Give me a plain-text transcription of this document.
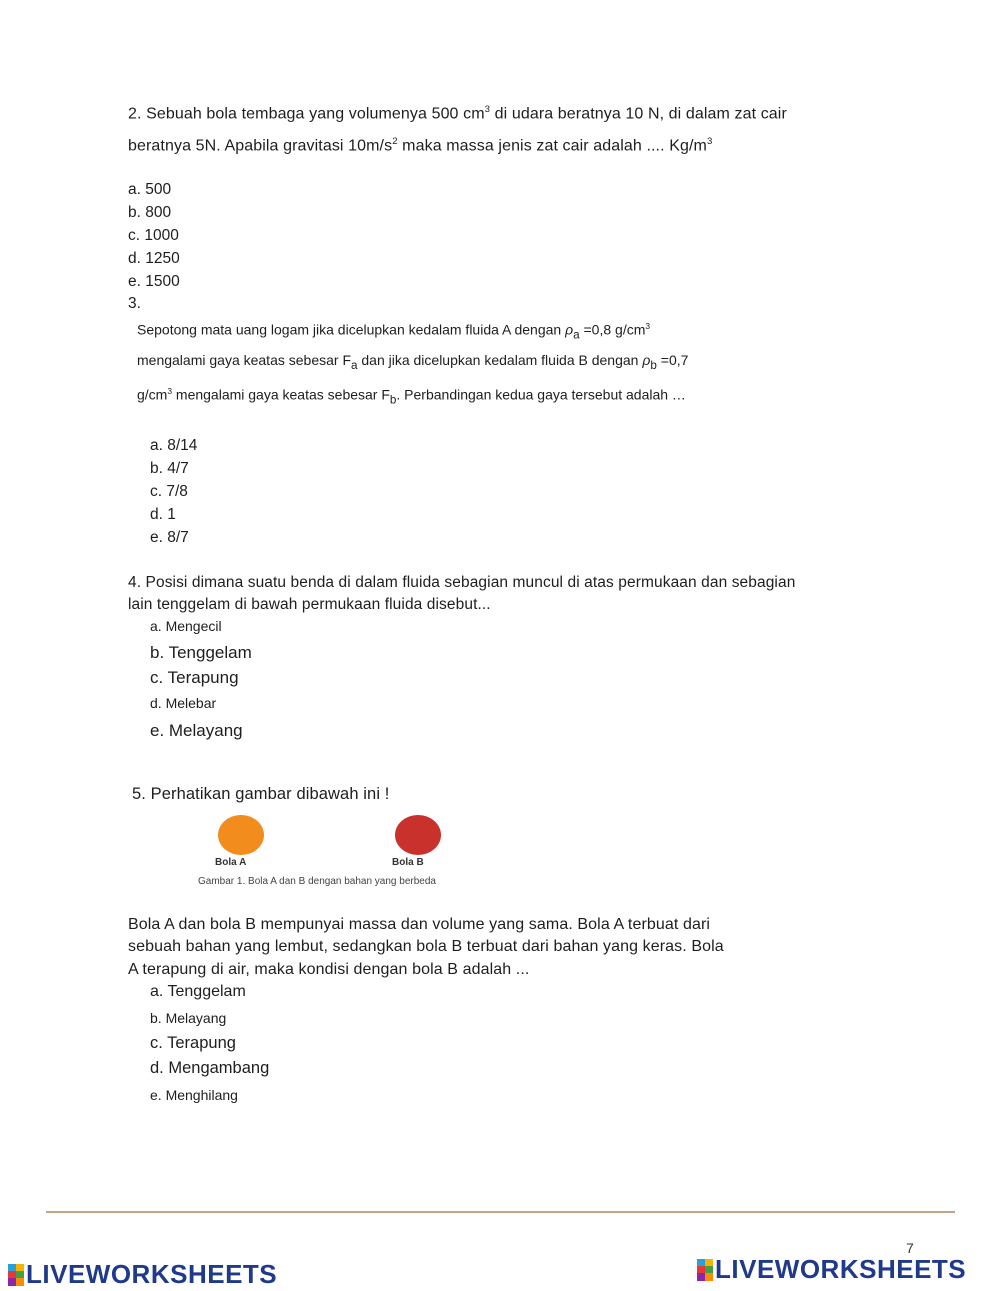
2. Sebuah bola tembaga yang volumenya 500 $cm^3$ di udara beratnya 10 N, di dalam zat cair
beratnya 5N. Apabila gravitasi $10m/s^2$ maka massa jenis zat cair adalah .... $Kg/m^3$
a. 500
b. 800
c. 1000
d. 1250
e. 1500
3.
Sepotong mata uang logam jika dicelupkan kedalam fluida A dengan $\rho_a =0,8$ $g/cm^3$
mengalami gaya keatas sebesar $F_a$ dan jika dicelupkan kedalam fluida B dengan $\rho_b =0,7$
$g/cm^3$ mengalami gaya keatas sebesar $F_b$. Perbandingan kedua gaya tersebut adalah …
a. 8/14
b. 4/7
c. 7/8
d. 1
e. 8/7
4. Posisi dimana suatu benda di dalam fluida sebagian muncul di atas permukaan dan sebagian
lain tenggelam di bawah permukaan fluida disebut...
a. Mengecil
b. Tenggelam
c. Terapung
d. Melebar
e. Melayang
5. Perhatikan gambar dibawah ini !
Bola A	Bola B
Gambar 1. Bola A dan B dengan bahan yang berbeda
Bola A dan bola B mempunyai massa dan volume yang sama. Bola A terbuat dari
sebuah bahan yang lembut, sedangkan bola B terbuat dari bahan yang keras. Bola
A terapung di air, maka kondisi dengan bola B adalah ...
a. Tenggelam
b. Melayang
c. Terapung
d. Mengambang
e. Menghilang
7
LIVEWORKSHEETS	LIVEWORKSHEETS
